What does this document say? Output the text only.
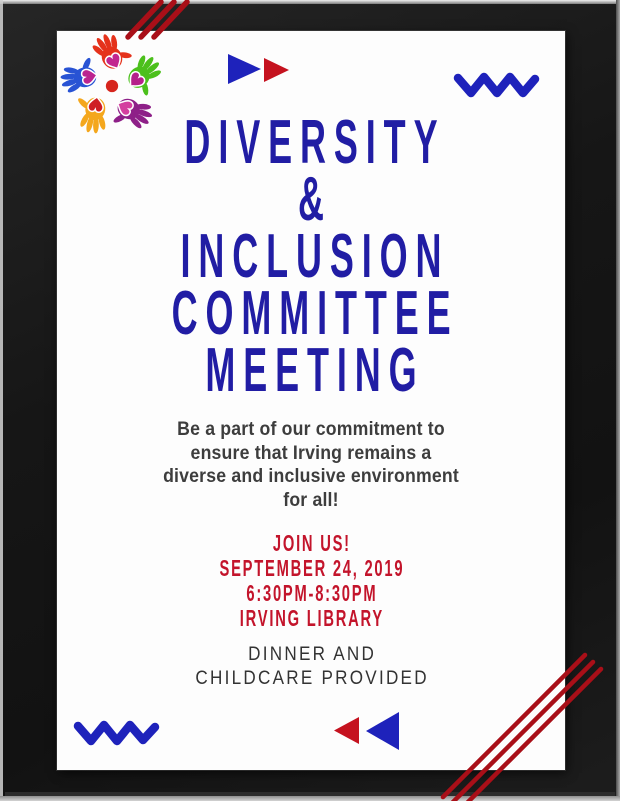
DIVERSITY
&
INCLUSION
COMMITTEE
MEETING
Be a part of our commitment to
ensure that Irving remains a
diverse and inclusive environment
for all!
JOIN US!
SEPTEMBER 24, 2019
6:30PM-8:30PM
IRVING LIBRARY
DINNER AND
CHILDCARE PROVIDED
